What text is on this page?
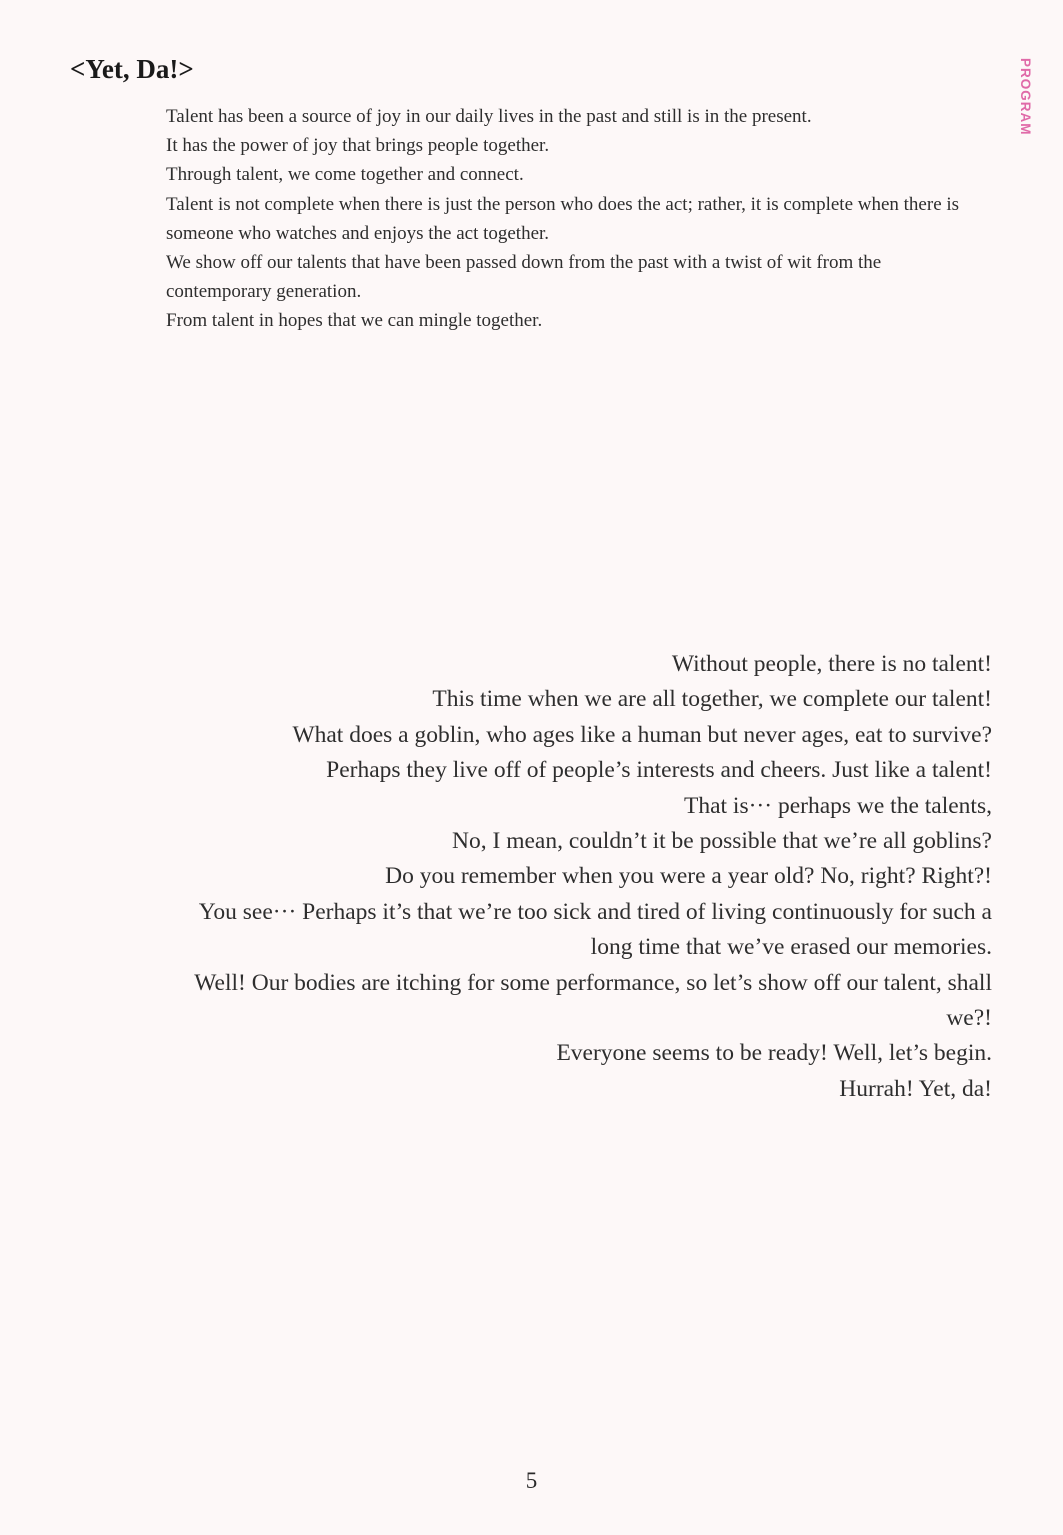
<Yet, Da!>	PROGRAM

Talent has been a source of joy in our daily lives in the past and still is in the present.

It has the power of joy that brings people together.

Through talent, we come together and connect.

Talent is not complete when there is just the person who does the act; rather, it is complete when there is someone who watches and enjoys the act together.

We show off our talents that have been passed down from the past with a twist of wit from the contemporary generation.

From talent in hopes that we can mingle together.

Without people, there is no talent!

This time when we are all together, we complete our talent!

What does a goblin, who ages like a human but never ages, eat to survive?

Perhaps they live off of people’s interests and cheers. Just like a talent!

That is··· perhaps we the talents,

No, I mean, couldn’t it be possible that we’re all goblins?

Do you remember when you were a year old? No, right? Right?!

You see··· Perhaps it’s that we’re too sick and tired of living continuously for such a long time that we’ve erased our memories.

Well! Our bodies are itching for some performance, so let’s show off our talent, shall we?!

Everyone seems to be ready! Well, let’s begin.

Hurrah! Yet, da!

5
